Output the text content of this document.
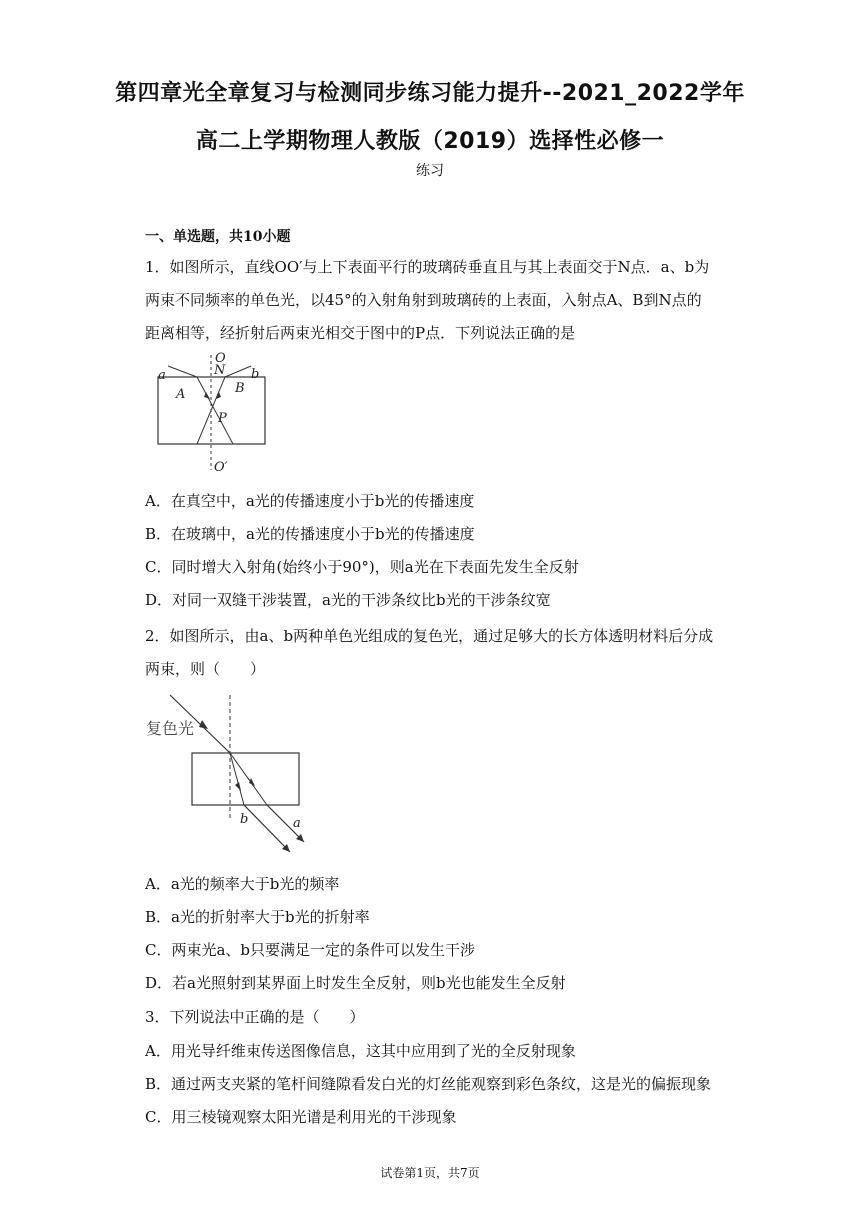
第四章光全章复习与检测同步练习能力提升--2021_2022学年
高二上学期物理人教版（2019）选择性必修一
练习
一、单选题，共10小题
1．如图所示，直线OO′与上下表面平行的玻璃砖垂直且与其上表面交于N点．a、b为
两束不同频率的单色光，以45°的入射角射到玻璃砖的上表面，入射点A、B到N点的
距离相等，经折射后两束光相交于图中的P点．下列说法正确的是
O
N
a	b
A	B
P
O′
A．在真空中，a光的传播速度小于b光的传播速度
B．在玻璃中，a光的传播速度小于b光的传播速度
C．同时增大入射角(始终小于90°)，则a光在下表面先发生全反射
D．对同一双缝干涉装置，a光的干涉条纹比b光的干涉条纹宽
2．如图所示，由a、b两种单色光组成的复色光，通过足够大的长方体透明材料后分成
两束，则（　　）
复色光
b	a
A．a光的频率大于b光的频率
B．a光的折射率大于b光的折射率
C．两束光a、b只要满足一定的条件可以发生干涉
D．若a光照射到某界面上时发生全反射，则b光也能发生全反射
3．下列说法中正确的是（　　）
A．用光导纤维束传送图像信息，这其中应用到了光的全反射现象
B．通过两支夹紧的笔杆间缝隙看发白光的灯丝能观察到彩色条纹，这是光的偏振现象
C．用三棱镜观察太阳光谱是利用光的干涉现象
试卷第1页，共7页
